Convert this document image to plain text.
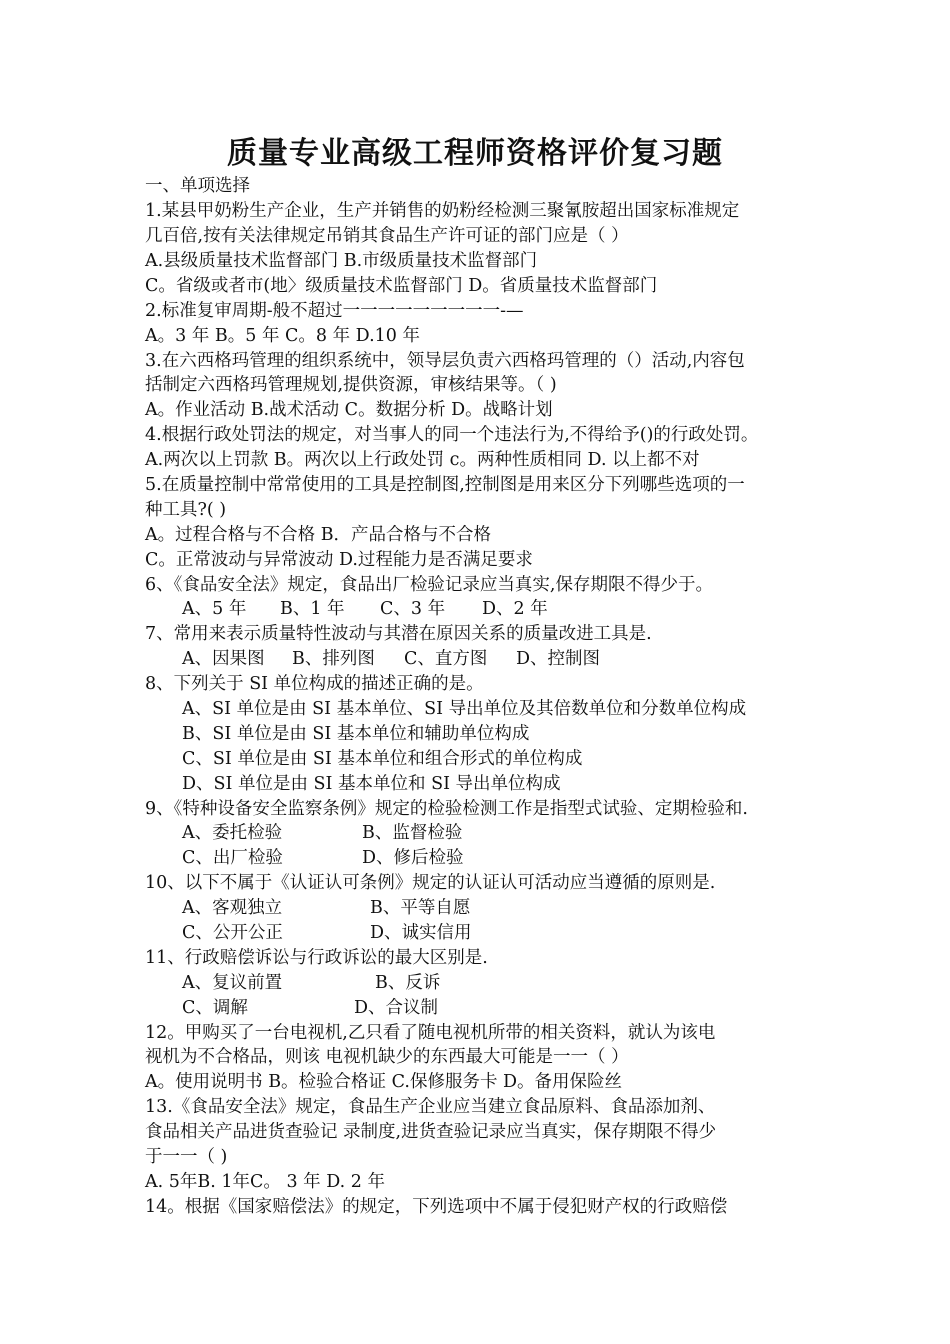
质量专业高级工程师资格评价复习题
一、单项选择
1.某县甲奶粉生产企业，生产并销售的奶粉经检测三聚氰胺超出国家标准规定
几百倍,按有关法律规定吊销其食品生产许可证的部门应是（ ）
A.县级质量技术监督部门 B.市级质量技术监督部门
C。省级或者市(地〉级质量技术监督部门 D。省质量技术监督部门
2.标准复审周期-般不超过一一一一一一一一一-—
A。3 年 B。5 年 C。8 年 D.10 年
3.在六西格玛管理的组织系统中，领导层负责六西格玛管理的（）活动,内容包
括制定六西格玛管理规划,提供资源，审核结果等。（ )
A。作业活动 B.战术活动 C。数据分析 D。战略计划
4.根据行政处罚法的规定，对当事人的同一个违法行为,不得给予()的行政处罚。
A.两次以上罚款 B。两次以上行政处罚 c。两种性质相同 D. 以上都不对
5.在质量控制中常常使用的工具是控制图,控制图是用来区分下列哪些选项的一
种工具?( )
A。过程合格与不合格 B．产品合格与不合格
C。正常波动与异常波动 D.过程能力是否满足要求
6、《食品安全法》规定，食品出厂检验记录应当真实,保存期限不得少于。
A、5 年 B、1 年 C、3 年 D、2 年
7、常用来表示质量特性波动与其潜在原因关系的质量改进工具是.
A、因果图 B、排列图 C、直方图 D、控制图
8、下列关于 SI 单位构成的描述正确的是。
A、SI 单位是由 SI 基本单位、SI 导出单位及其倍数单位和分数单位构成
B、SI 单位是由 SI 基本单位和辅助单位构成
C、SI 单位是由 SI 基本单位和组合形式的单位构成
D、SI 单位是由 SI 基本单位和 SI 导出单位构成
9、《特种设备安全监察条例》规定的检验检测工作是指型式试验、定期检验和.
A、委托检验	B、监督检验
C、出厂检验	D、修后检验
10、以下不属于《认证认可条例》规定的认证认可活动应当遵循的原则是.
A、客观独立	B、平等自愿
C、公开公正	D、诚实信用
11、行政赔偿诉讼与行政诉讼的最大区别是.
A、复议前置	B、反诉
C、调解	D、合议制
12。甲购买了一台电视机,乙只看了随电视机所带的相关资料，就认为该电
视机为不合格品，则该 电视机缺少的东西最大可能是一一（ ）
A。使用说明书 B。检验合格证 C.保修服务卡 D。备用保险丝
13.《食品安全法》规定，食品生产企业应当建立食品原料、食品添加剂、
食品相关产品进货查验记 录制度,进货查验记录应当真实，保存期限不得少
于一一（ )
A. 5年B. 1年C。 3 年 D. 2 年
14。根据《国家赔偿法》的规定，下列选项中不属于侵犯财产权的行政赔偿
